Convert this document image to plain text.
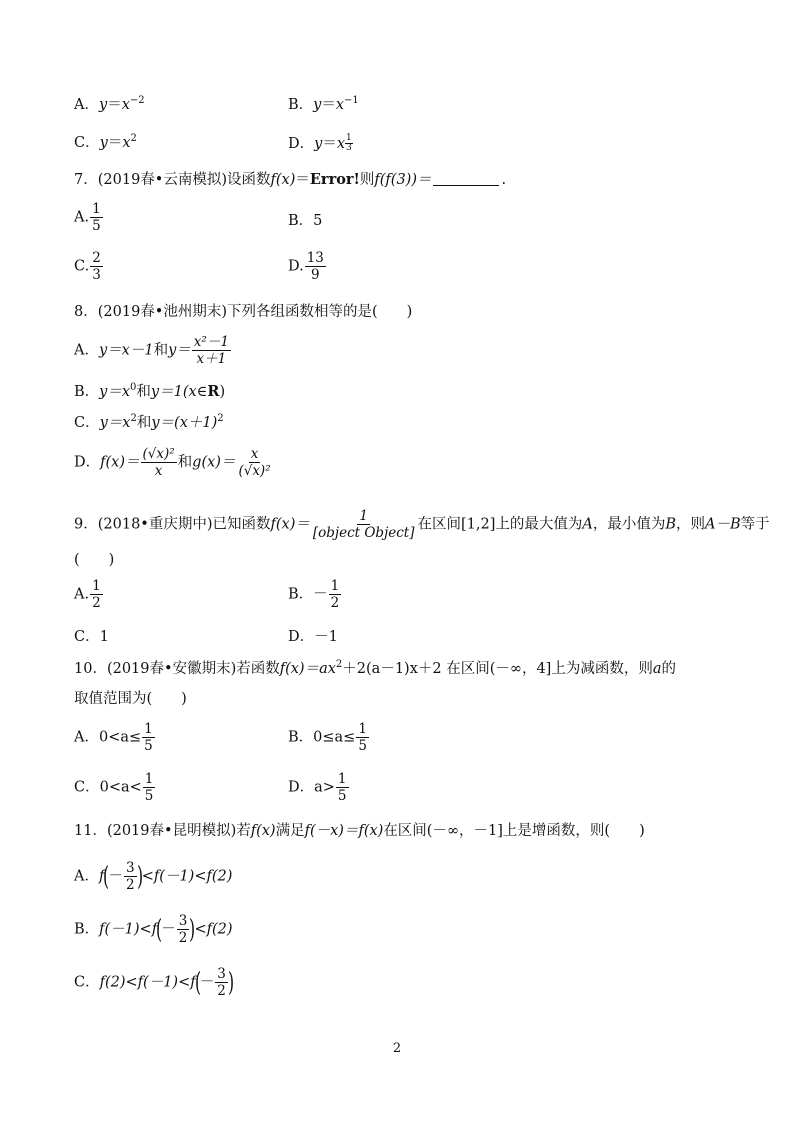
A．$y=x^{-2}$	B．$y=x^{-1}$
C．$y=x^2$	D．$y=x \frac{1}{3}$
7．(2019春•云南模拟)设函数f(x)＝Error!则f(f(3))＝	.
A. $\frac{1}{5}$	B．5
C. $\frac{2}{3}$	D. $\frac{13}{9}$
8．(2019春•池州期末)下列各组函数相等的是(　　)
A．y＝x－1和$y= \frac{\text{x²－1}}{x+1}$
B．$y=x^0$和y＝1(x∈R)
C．$y=x^2$和$y=(x+1)^2$
D．$f(x)= \frac{\text{(√x)²}}{x}$ 和$g(x)= \frac{x}{\text{(√x)²}}$
9．(2018•重庆期中)已知函数$f(x)= \frac{1}{\text{[object Object]}}$ 在区间[1,2]上的最大值为A，最小值为B，则A－B等于
(　　)
A. $\frac{1}{2}$	B．－ $\frac{1}{2}$
C．1	D．－1
10．(2019春•安徽期末)若函数$f(x)=ax^2+2(a-1)x+2$ 在区间(－∞，4]上为减函数，则a的
取值范围为(　　)
A．$0<a\le \frac{1}{5}$	B．$0\le a\le \frac{1}{5}$
C．$0<a< \frac{1}{5}$	D．$a> \frac{1}{5}$
11．(2019春•昆明模拟)若f(x)满足f(－x)＝f(x)在区间(－∞，－1]上是增函数，则(　　)
A．$f(- \frac{3}{2} )<f(-1)<f(2)$
B．$f(-1)<f(- \frac{3}{2} )<f(2)$
C．$f(2)<f(-1)<f(- \frac{3}{2}$ )
2
